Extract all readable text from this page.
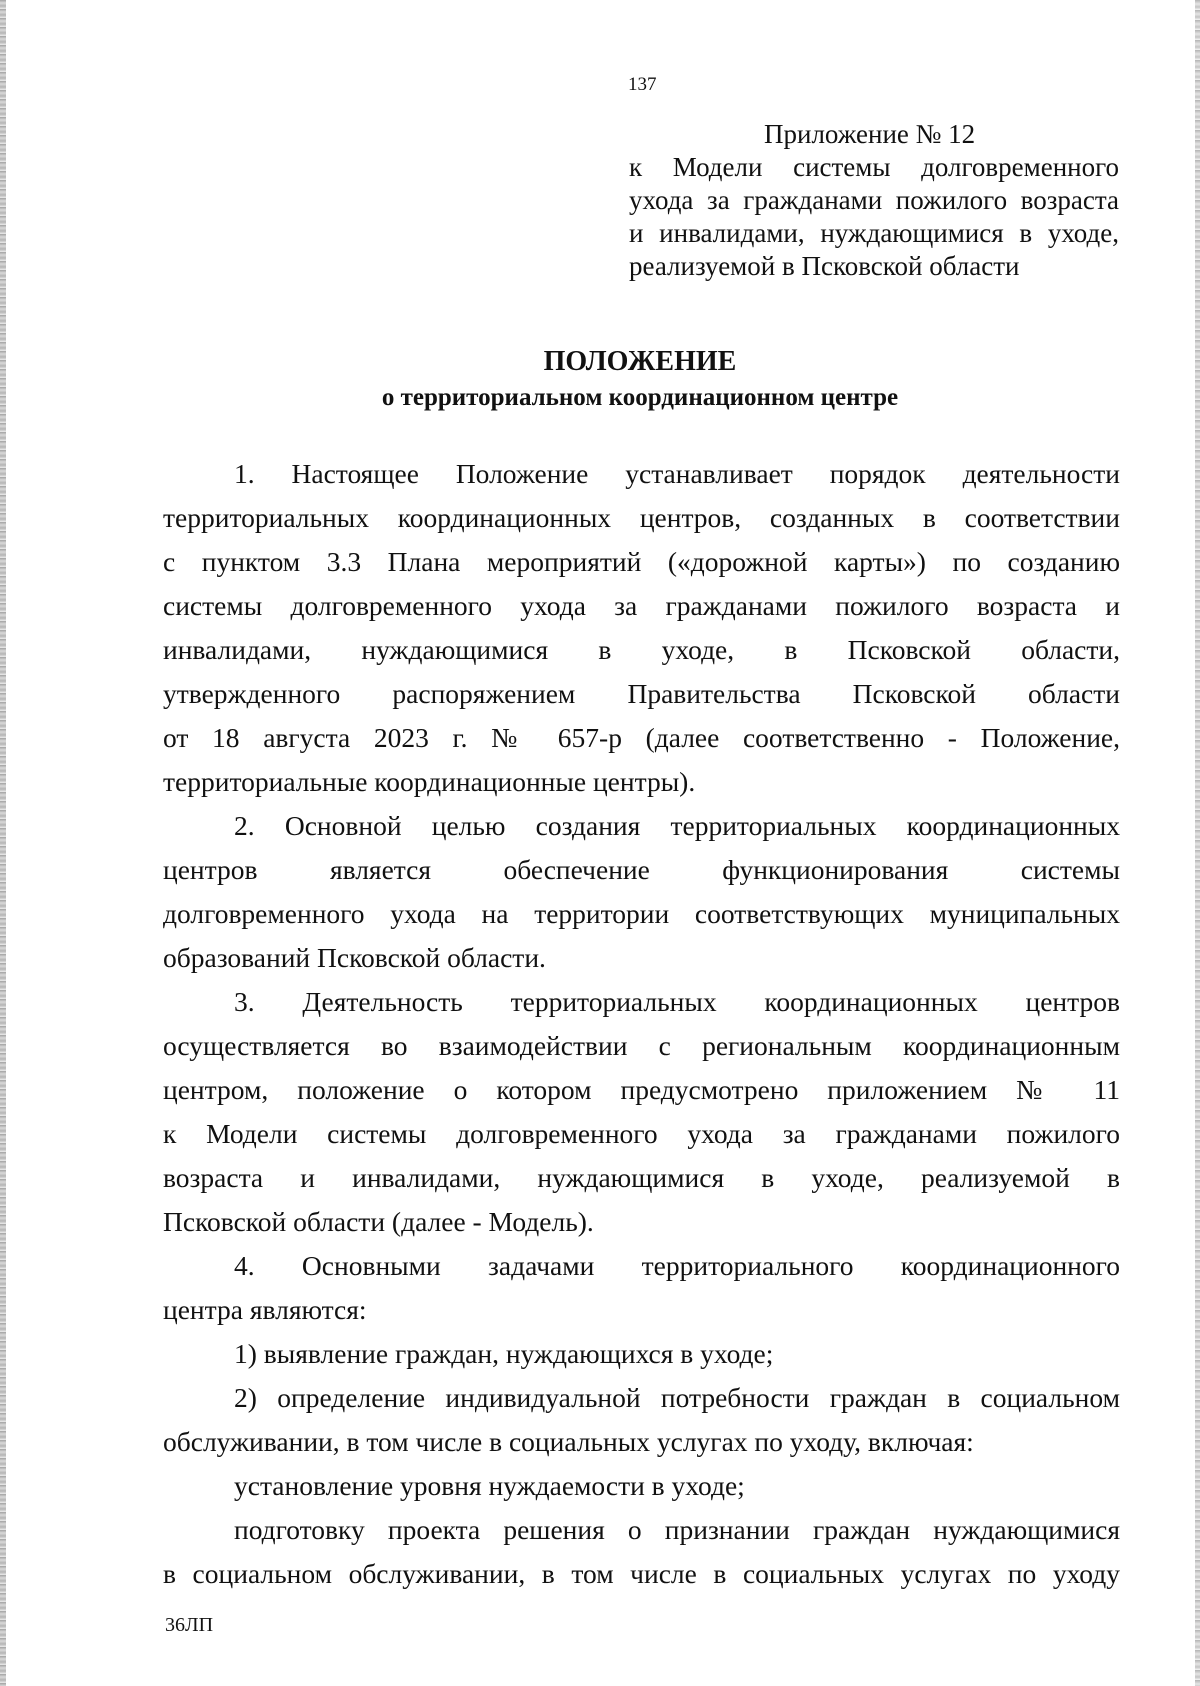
137
Приложение № 12
к Модели системы долговременного
ухода за гражданами пожилого возраста
и инвалидами, нуждающимися в уходе,
реализуемой в Псковской области
ПОЛОЖЕНИЕ
о территориальном координационном центре
1. Настоящее Положение устанавливает порядок деятельности
территориальных координационных центров, созданных в соответствии
с пунктом 3.3 Плана мероприятий («дорожной карты») по созданию
системы долговременного ухода за гражданами пожилого возраста и
инвалидами, нуждающимися в уходе, в Псковской области,
утвержденного распоряжением Правительства Псковской области
от 18 августа 2023 г. № 657-р (далее соответственно - Положение,
территориальные координационные центры).
2. Основной целью создания территориальных координационных
центров является обеспечение функционирования системы
долговременного ухода на территории соответствующих муниципальных
образований Псковской области.
3. Деятельность территориальных координационных центров
осуществляется во взаимодействии с региональным координационным
центром, положение о котором предусмотрено приложением № 11
к Модели системы долговременного ухода за гражданами пожилого
возраста и инвалидами, нуждающимися в уходе, реализуемой в
Псковской области (далее - Модель).
4. Основными задачами территориального координационного
центра являются:
1) выявление граждан, нуждающихся в уходе;
2) определение индивидуальной потребности граждан в социальном
обслуживании, в том числе в социальных услугах по уходу, включая:
установление уровня нуждаемости в уходе;
подготовку проекта решения о признании граждан нуждающимися
в социальном обслуживании, в том числе в социальных услугах по уходу
36ЛП
